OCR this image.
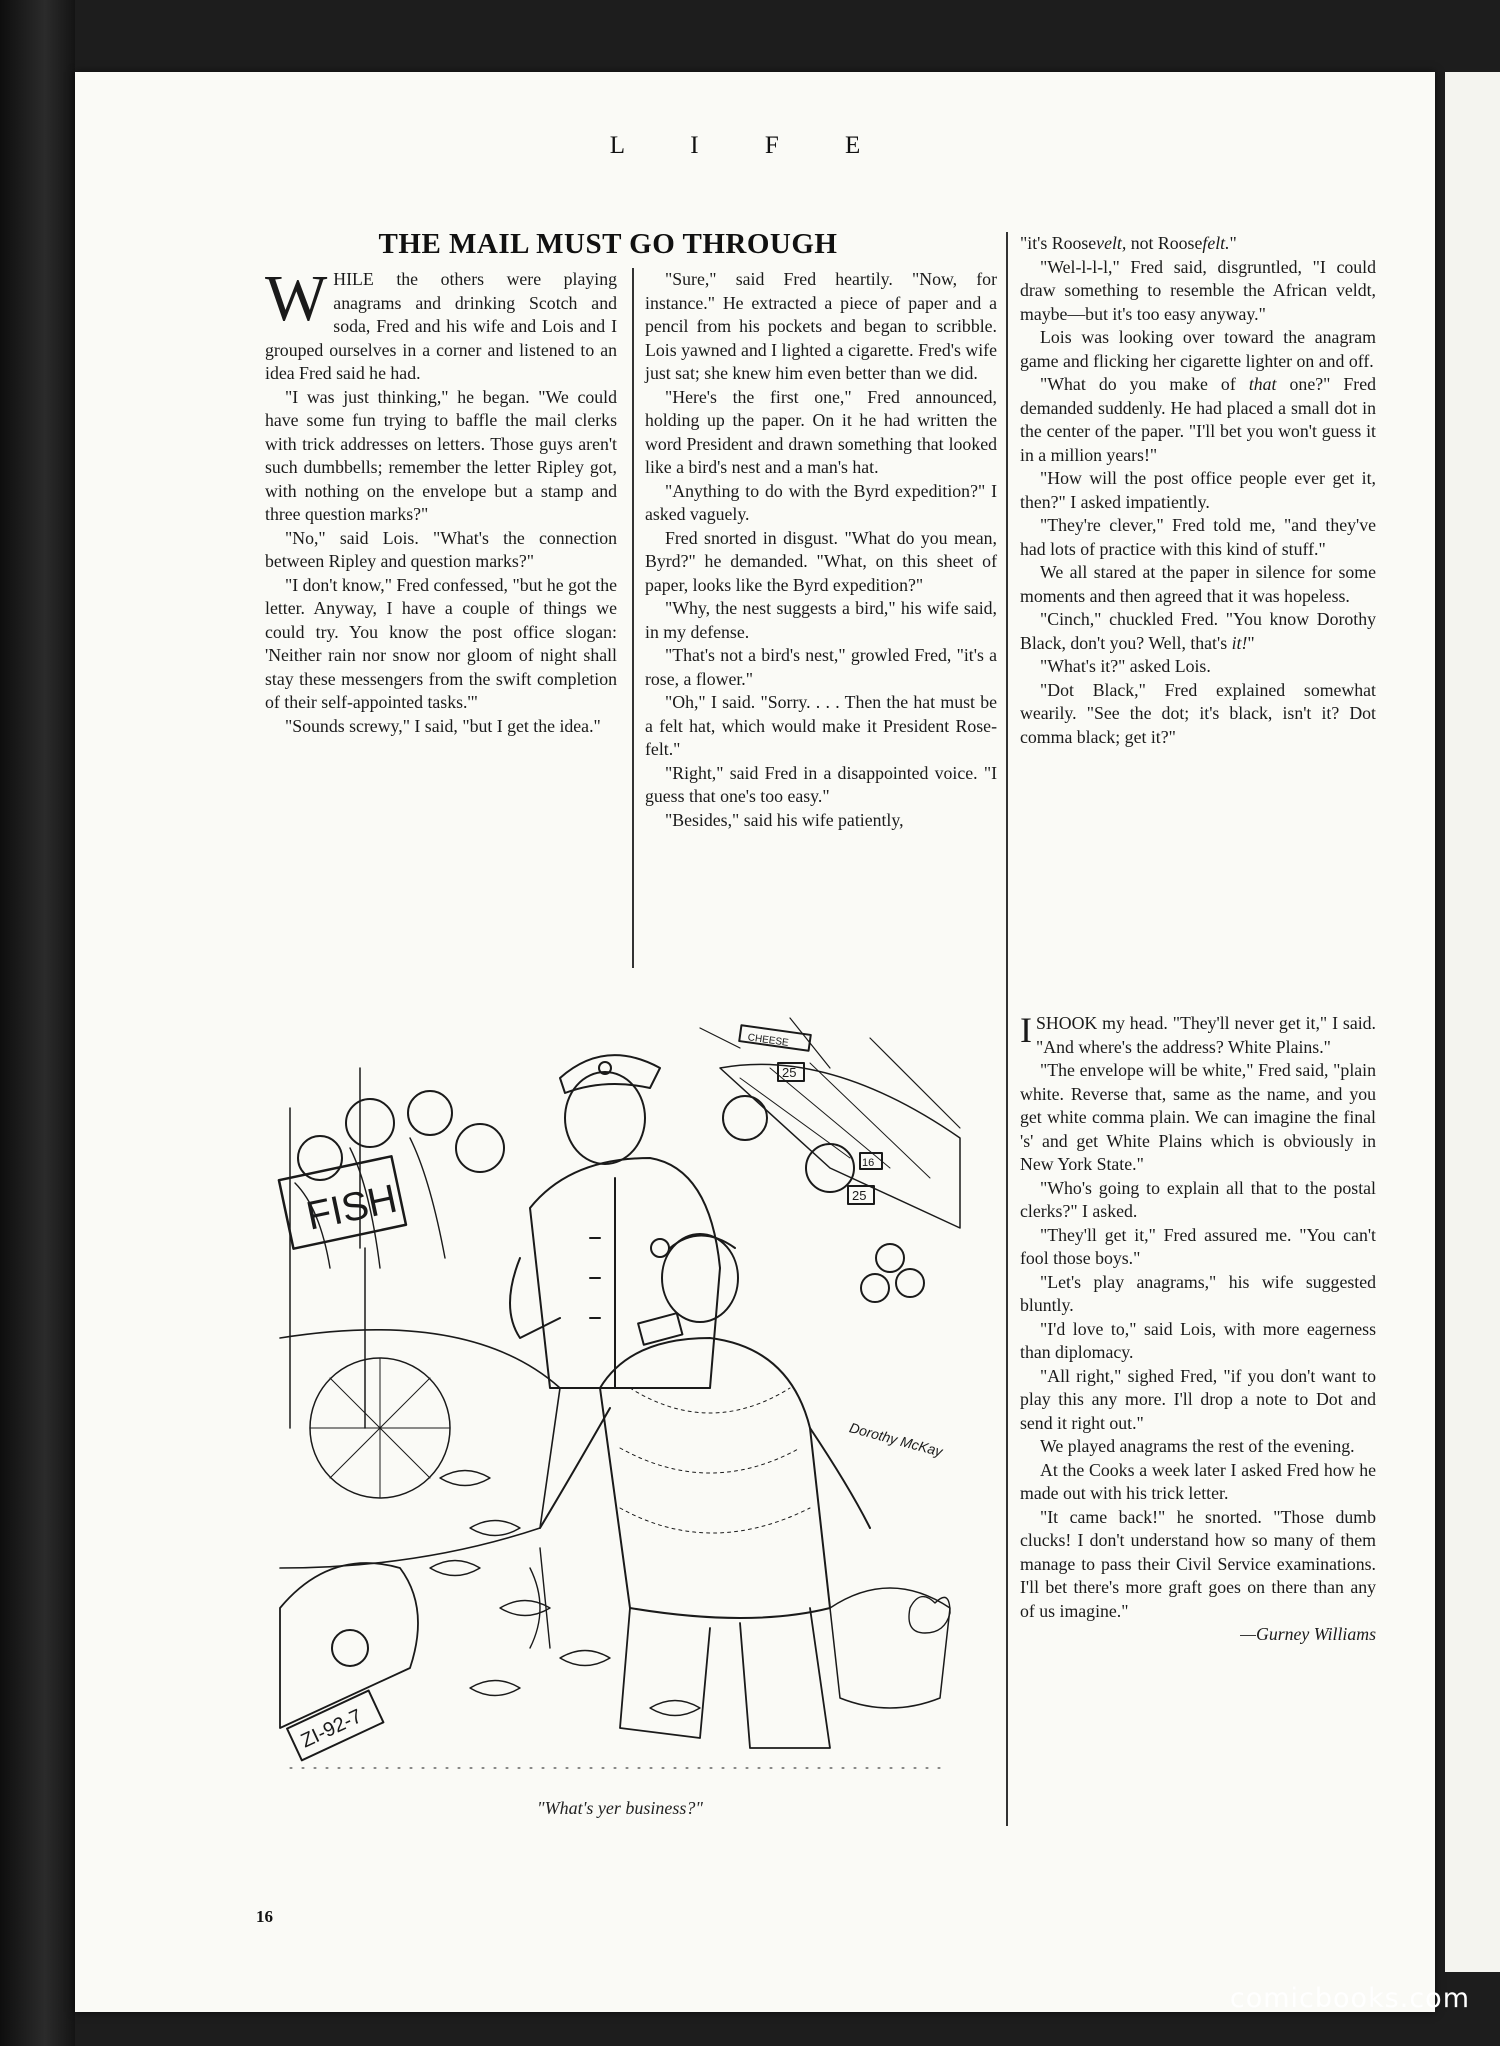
L I F E
THE MAIL MUST GO THROUGH

WHILE the others were playing anagrams and drinking Scotch and soda, Fred and his wife and Lois and I grouped ourselves in a corner and listened to an idea Fred said he had.

"I was just thinking," he began. "We could have some fun trying to baffle the mail clerks with trick addresses on letters. Those guys aren't such dumbbells; remember the letter Ripley got, with nothing on the envelope but a stamp and three question marks?"

"No," said Lois. "What's the connection between Ripley and question marks?"

"I don't know," Fred confessed, "but he got the letter. Anyway, I have a couple of things we could try. You know the post office slogan: 'Neither rain nor snow nor gloom of night shall stay these messengers from the swift completion of their self-appointed tasks.'"

"Sounds screwy," I said, "but I get the idea."

"Sure," said Fred heartily. "Now, for instance." He extracted a piece of paper and a pencil from his pockets and began to scribble. Lois yawned and I lighted a cigarette. Fred's wife just sat; she knew him even better than we did.

"Here's the first one," Fred announced, holding up the paper. On it he had written the word President and drawn something that looked like a bird's nest and a man's hat.

"Anything to do with the Byrd expedition?" I asked vaguely.

Fred snorted in disgust. "What do you mean, Byrd?" he demanded. "What, on this sheet of paper, looks like the Byrd expedition?"

"Why, the nest suggests a bird," his wife said, in my defense.

"That's not a bird's nest," growled Fred, "it's a rose, a flower."

"Oh," I said. "Sorry. . . . Then the hat must be a felt hat, which would make it President Rose-felt."

"Right," said Fred in a disappointed voice. "I guess that one's too easy."

"Besides," said his wife patiently,

"it's Roosevelt, not Roosefelt."

"Wel-l-l-l," Fred said, disgruntled, "I could draw something to resemble the African veldt, maybe—but it's too easy anyway."

Lois was looking over toward the anagram game and flicking her cigarette lighter on and off.

"What do you make of that one?" Fred demanded suddenly. He had placed a small dot in the center of the paper. "I'll bet you won't guess it in a million years!"

"How will the post office people ever get it, then?" I asked impatiently.

"They're clever," Fred told me, "and they've had lots of practice with this kind of stuff."

We all stared at the paper in silence for some moments and then agreed that it was hopeless.

"Cinch," chuckled Fred. "You know Dorothy Black, don't you? Well, that's it!"

"What's it?" asked Lois.

"Dot Black," Fred explained somewhat wearily. "See the dot; it's black, isn't it? Dot comma black; get it?"

ISHOOK my head. "They'll never get it," I said. "And where's the address? White Plains."

"The envelope will be white," Fred said, "plain white. Reverse that, same as the name, and you get white comma plain. We can imagine the final 's' and get White Plains which is obviously in New York State."

"Who's going to explain all that to the postal clerks?" I asked.

"They'll get it," Fred assured me. "You can't fool those boys."

"Let's play anagrams," his wife suggested bluntly.

"I'd love to," said Lois, with more eagerness than diplomacy.

"All right," sighed Fred, "if you don't want to play this any more. I'll drop a note to Dot and send it right out."

We played anagrams the rest of the evening.

At the Cooks a week later I asked Fred how he made out with his trick letter.

"It came back!" he snorted. "Those dumb clucks! I don't understand how so many of them manage to pass their Civil Service examinations. I'll bet there's more graft goes on there than any of us imagine."

—Gurney Williams

FISH
ZI-92-7
25
16
25
CHEESE
Dorothy McKay
"What's yer business?"
16
comicbooks.com
